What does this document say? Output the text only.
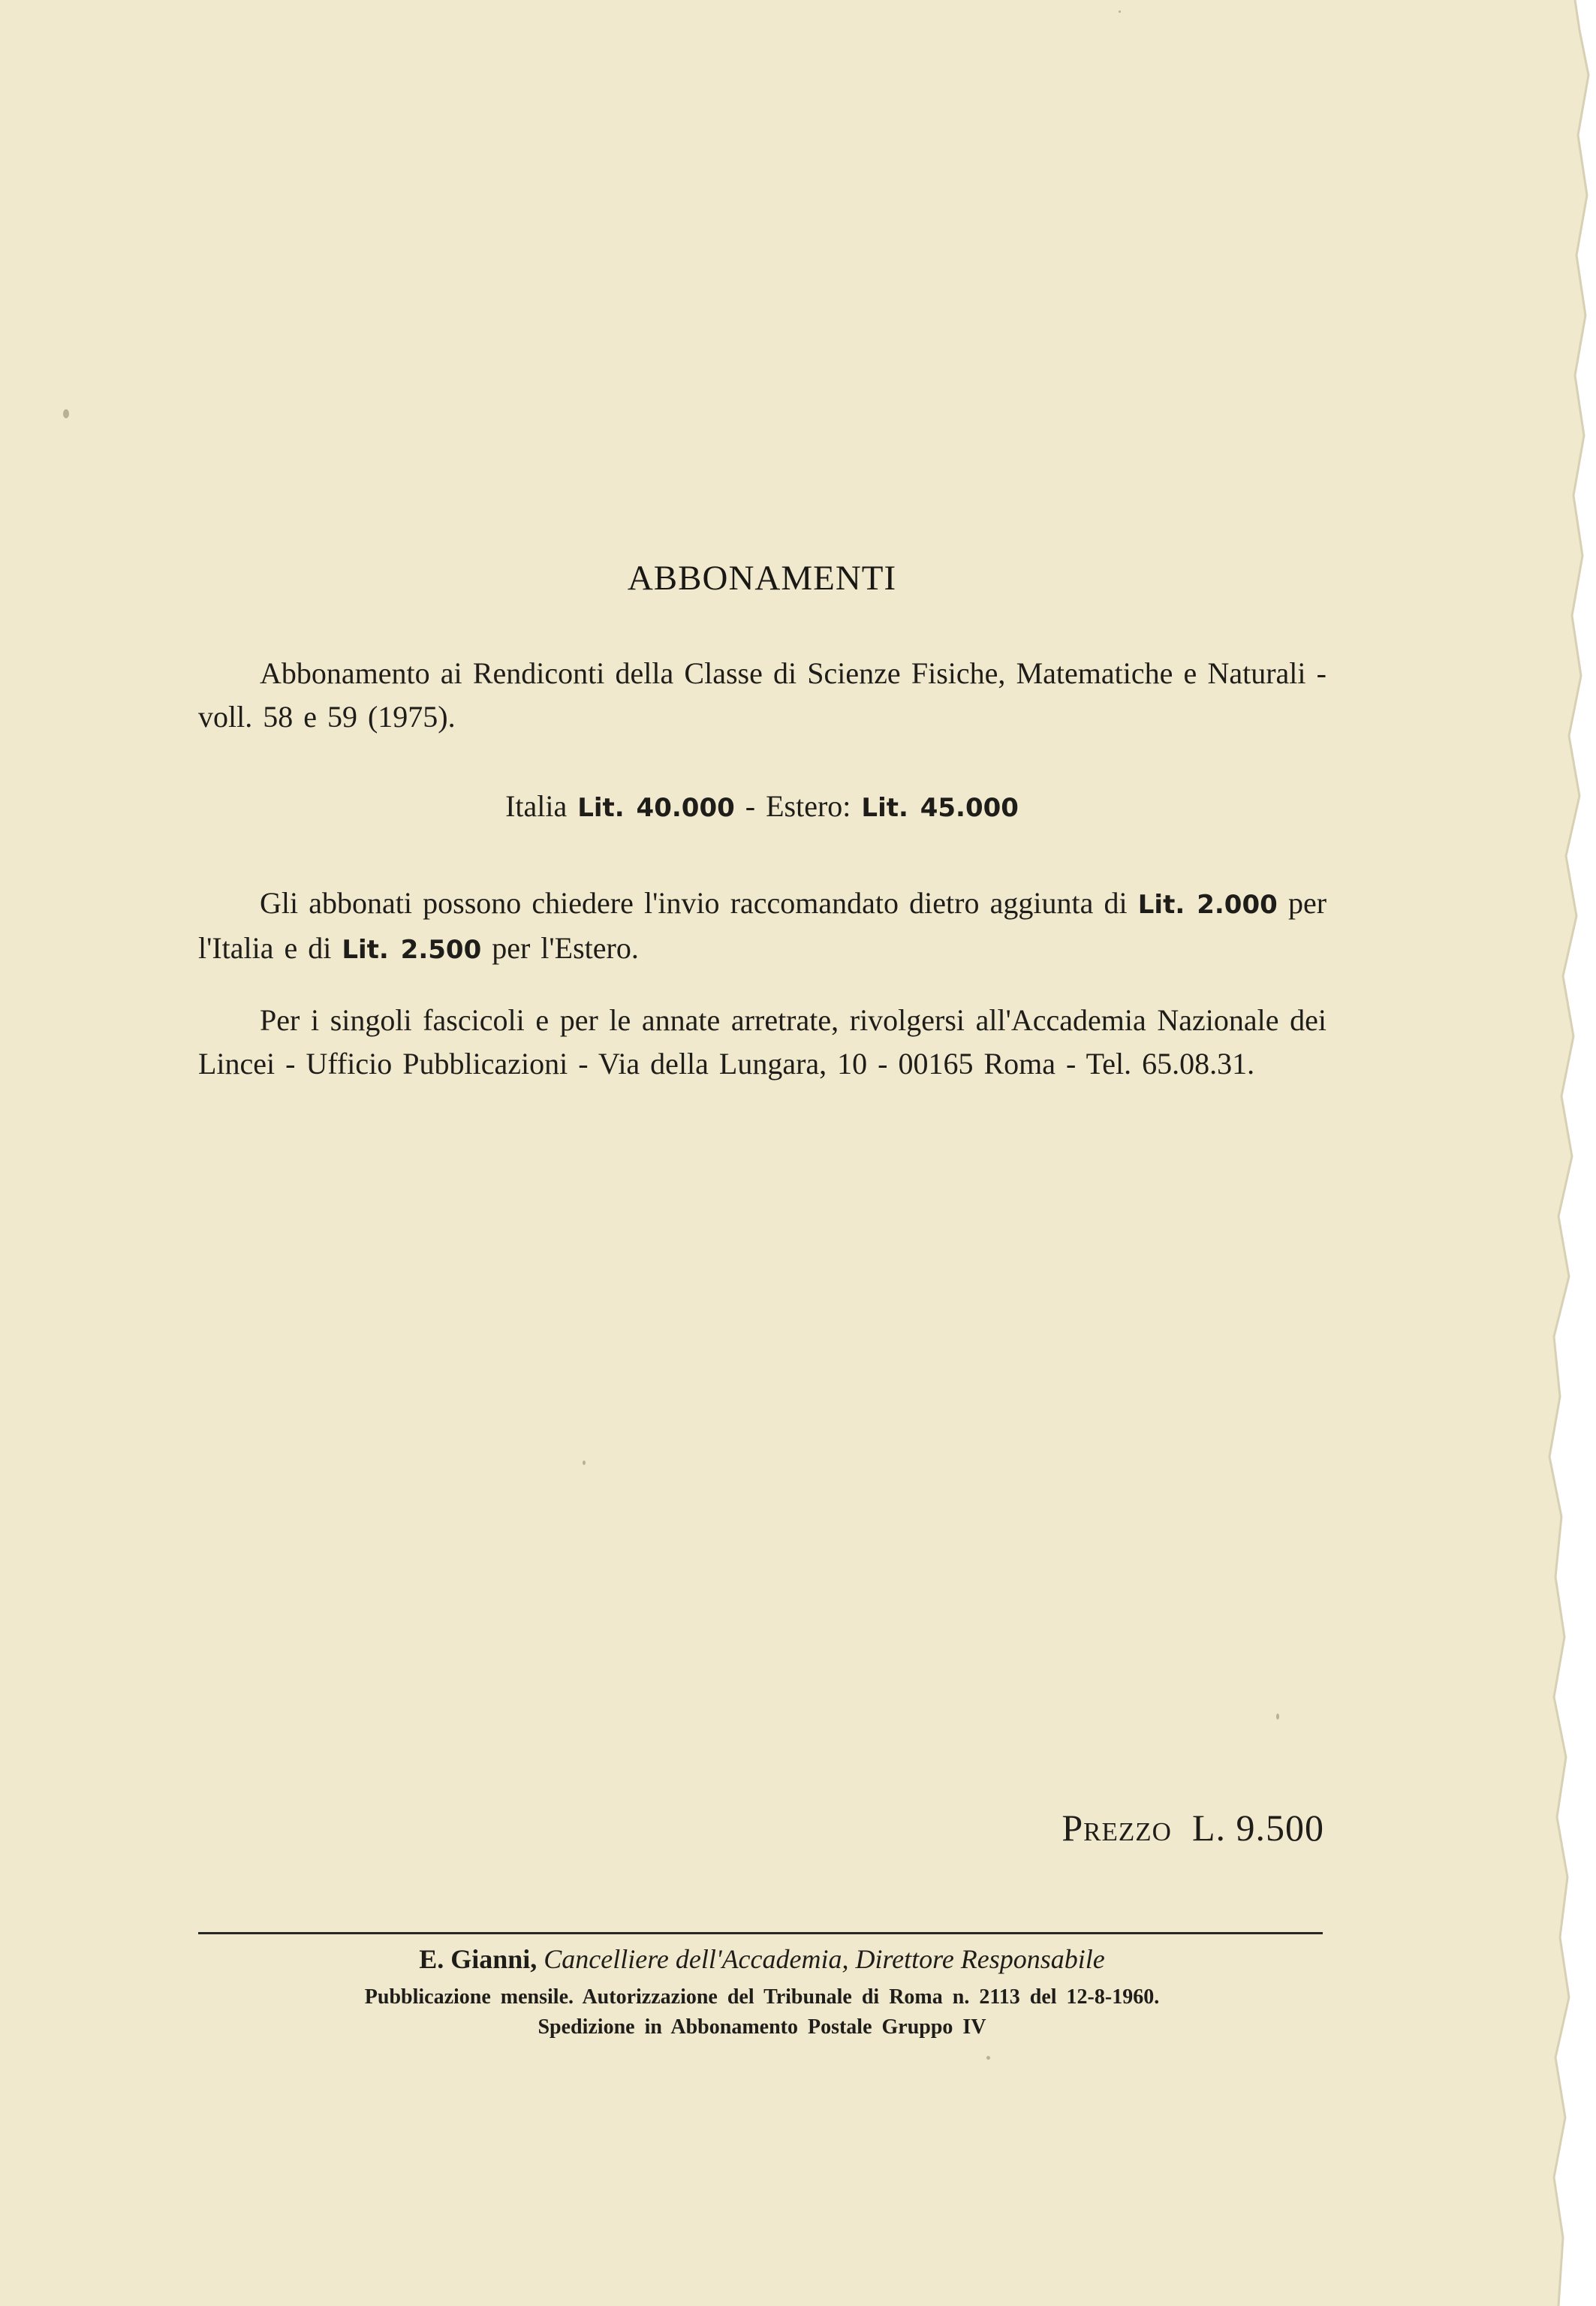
ABBONAMENTI

Abbonamento ai Rendiconti della Classe di Scienze Fisiche, Matematiche e Naturali - voll. 58 e 59 (1975).

Italia Lit. 40.000 - Estero: Lit. 45.000

Gli abbonati possono chiedere l'invio raccomandato dietro aggiunta di Lit. 2.000 per l'Italia e di Lit. 2.500 per l'Estero.

Per i singoli fascicoli e per le annate arretrate, rivolgersi all'Accademia Nazionale dei Lincei - Ufficio Pubblicazioni - Via della Lungara, 10 - 00165 Roma - Tel. 65.08.31.

Prezzo L. 9.500
E. Gianni, Cancelliere dell'Accademia, Direttore Responsabile
Pubblicazione mensile. Autorizzazione del Tribunale di Roma n. 2113 del 12-8-1960.
Spedizione in Abbonamento Postale Gruppo IV
